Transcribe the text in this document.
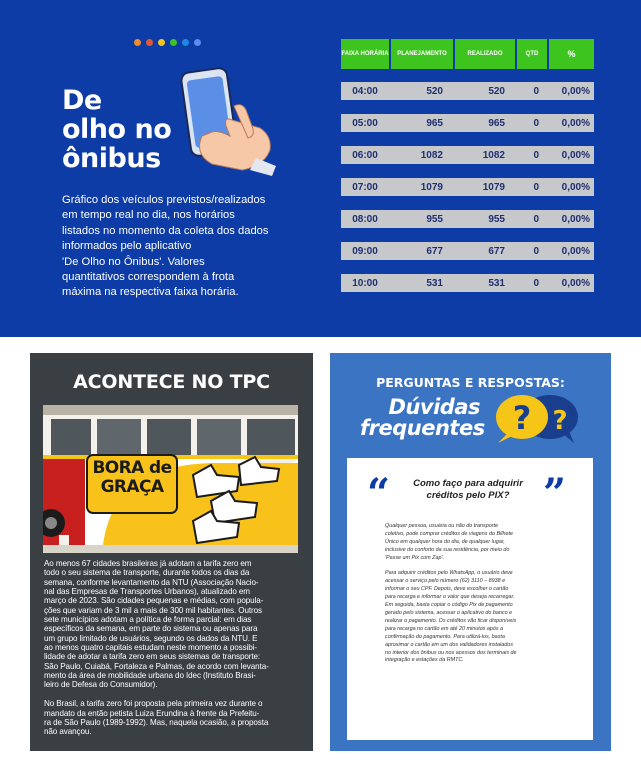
De
olho no
ônibus

Gráfico dos veículos previstos/realizados
em tempo real no dia, nos horários
listados no momento da coleta dos dados
informados pelo aplicativo
'De Olho no Ônibus'. Valores
quantitativos correspondem à frota
máxima na respectiva faixa horária.

FAIXA HORÁRIA	PLANEJAMENTO	REALIZADO	QTD	%
04:00	520	520	0	0,00%
05:00	965	965	0	0,00%
06:00	1082	1082	0	0,00%
07:00	1079	1079	0	0,00%
08:00	955	955	0	0,00%
09:00	677	677	0	0,00%
10:00	531	531	0	0,00%
ACONTECE NO TPC
BORA de
GRAÇA

Ao menos 67 cidades brasileiras já adotam a tarifa zero em
todo o seu sistema de transporte, durante todos os dias da
semana, conforme levantamento da NTU (Associação Nacio-
nal das Empresas de Transportes Urbanos), atualizado em
março de 2023. São cidades pequenas e médias, com popula-
ções que variam de 3 mil a mais de 300 mil habitantes. Outros
sete municípios adotam a política de forma parcial: em dias
específicos da semana, em parte do sistema ou apenas para
um grupo limitado de usuários, segundo os dados da NTU. E
ao menos quatro capitais estudam neste momento a possibi-
lidade de adotar a tarifa zero em seus sistemas de transporte:
São Paulo, Cuiabá, Fortaleza e Palmas, de acordo com levanta-
mento da área de mobilidade urbana do Idec (Instituto Brasi-
leiro de Defesa do Consumidor).

No Brasil, a tarifa zero foi proposta pela primeira vez durante o
mandato da então petista Luiza Erundina à frente da Prefeitu-
ra de São Paulo (1989-1992). Mas, naquela ocasião, a proposta
não avançou.

PERGUNTAS E RESPOSTAS:
Dúvidas
frequentes ? ?
“	”

Como faço para adquirir
créditos pelo PIX?

Qualquer pessoa, usuária ou não do transporte
coletivo, pode comprar créditos de viagens do Bilhete
Único em qualquer hora do dia, de qualquer lugar,
inclusive do conforto da sua residência, por meio do
'Passe um Pix com Zap'.

Para adquirir créditos pelo WhatsApp, o usuário deve
acessar o serviço pelo número (62) 3110 – 8938 e
informar o seu CPF. Depois, deve escolher o cartão
para recarga e informar o valor que deseja recarregar.
Em seguida, basta copiar o código Pix de pagamento
gerado pelo sistema, acessar o aplicativo do banco e
realizar o pagamento. Os créditos vão ficar disponíveis
para recarga no cartão em até 20 minutos após a
confirmação do pagamento. Para utilizá-los, basta
aproximar o cartão em um dos validadores instalados
no interior dos ônibus ou nos acessos dos terminais de
integração e estações da RMTC.
